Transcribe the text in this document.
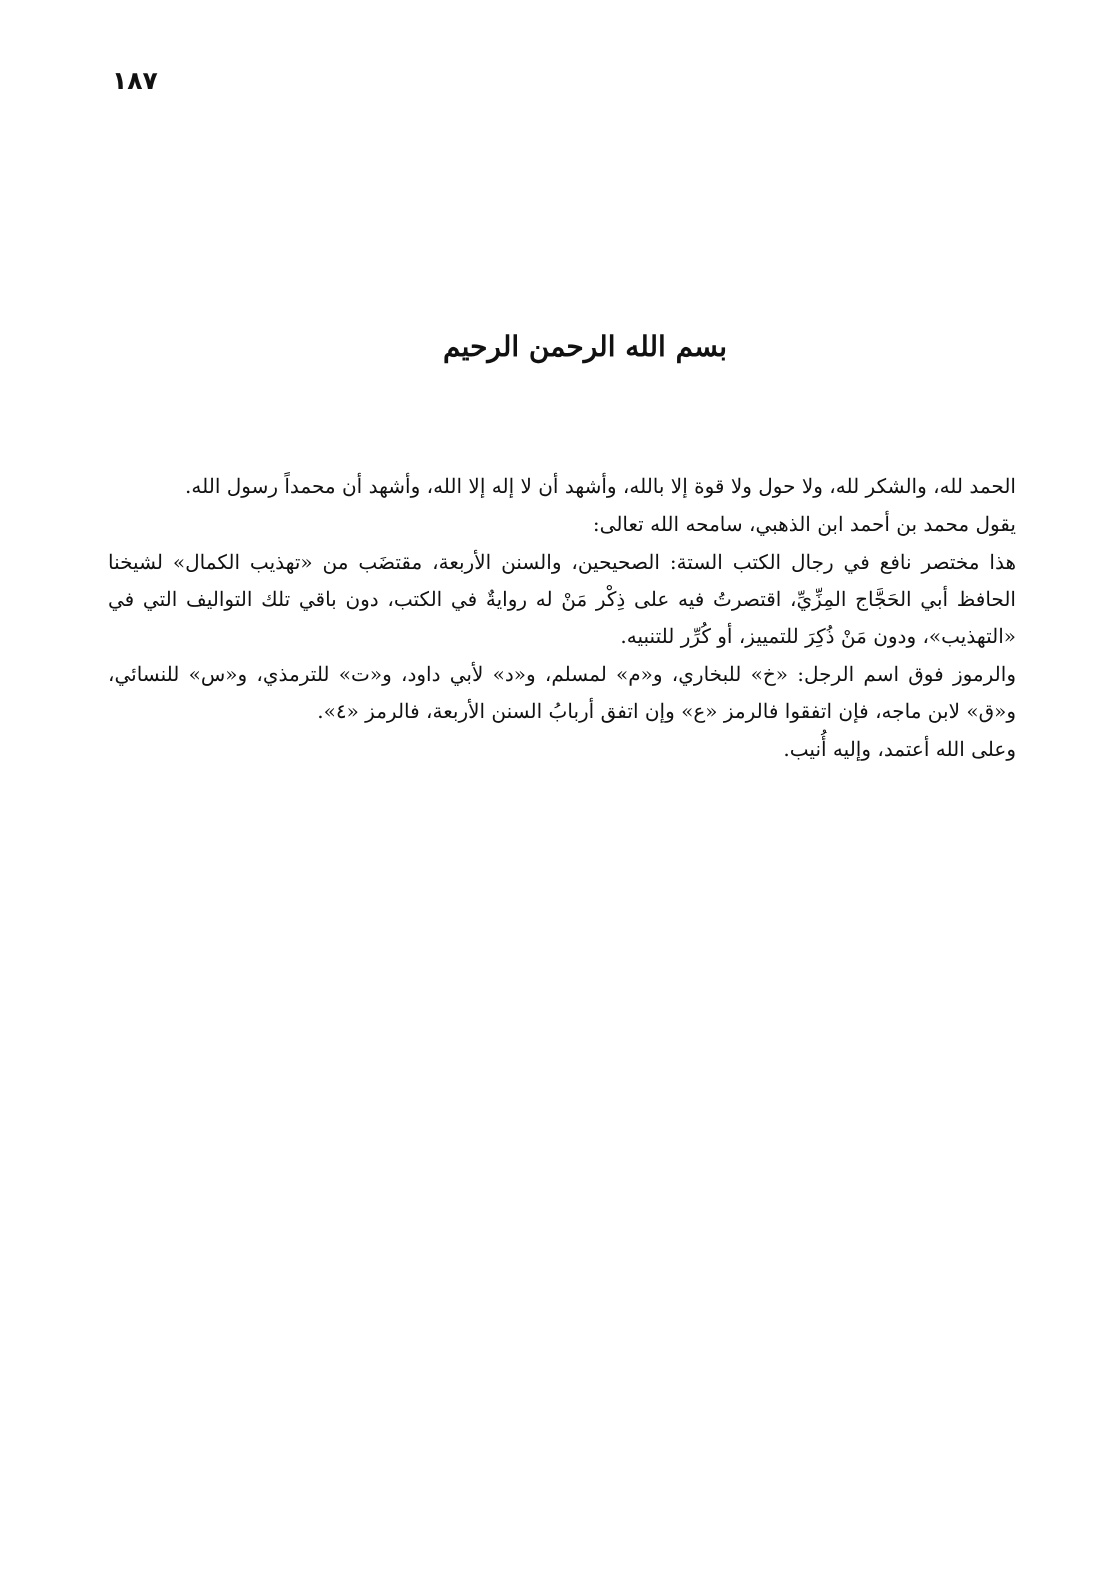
١٨٧
بسم الله الرحمن الرحيم

الحمد لله، والشكر لله، ولا حول ولا قوة إلا بالله، وأشهد أن لا إله إلا الله، وأشهد أن محمداً رسول الله.

يقول محمد بن أحمد ابن الذهبي، سامحه الله تعالى:

هذا مختصر نافع في رجال الكتب الستة: الصحيحين، والسنن الأربعة، مقتضَب من «تهذيب الكمال» لشيخنا الحافظ أبي الحَجَّاج المِزِّيِّ، اقتصرتُ فيه على ذِكْر مَنْ له روايةٌ في الكتب، دون باقي تلك التواليف التي في «التهذيب»، ودون مَنْ ذُكِرَ للتمييز، أو كُرِّر للتنبيه.

والرموز فوق اسم الرجل: «خ» للبخاري، و«م» لمسلم، و«د» لأبي داود، و«ت» للترمذي، و«س» للنسائي، و«ق» لابن ماجه، فإن اتفقوا فالرمز «ع» وإن اتفق أربابُ السنن الأربعة، فالرمز «٤».

وعلى الله أعتمد، وإليه أُنيب.
